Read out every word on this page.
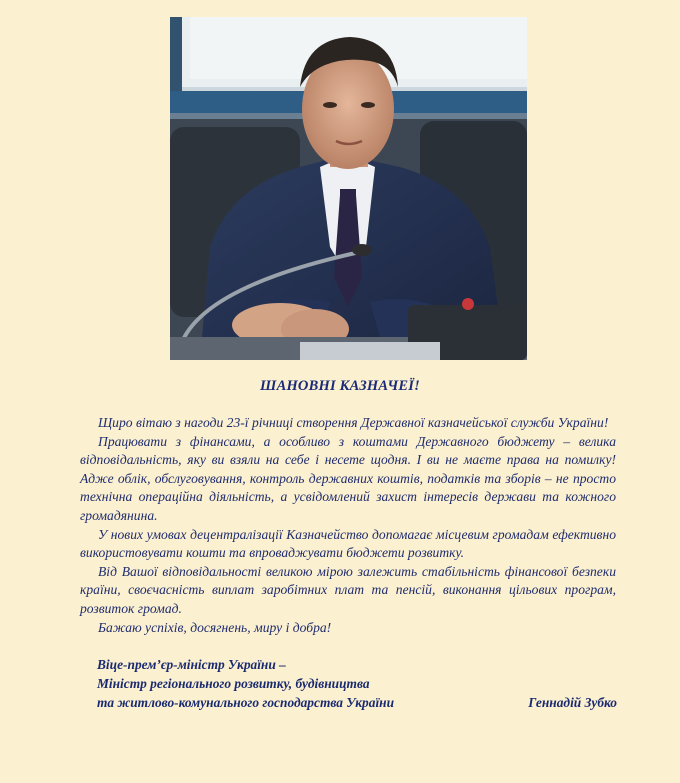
ШАНОВНІ КАЗНАЧЕЇ!

Щиро вітаю з нагоди 23-ї річниці створення Державної казначейської служби України!

Працювати з фінансами, а особливо з коштами Державного бюджету – велика відповідальність, яку ви взяли на себе і несете щодня. І ви не маєте права на помилку! Адже облік, обслуговування, контроль державних коштів, податків та зборів – не просто технічна операційна діяльність, а усвідомлений захист інтересів держави та кожного громадянина.

У нових умовах децентралізації Казначейство допомагає місцевим громадам ефективно використовувати кошти та впроваджувати бюджети розвитку.

Від Вашої відповідальності великою мірою залежить стабільність фінансової безпеки країни, своєчасність виплат заробітних плат та пенсій, виконання цільових програм, розвиток громад.

Бажаю успіхів, досягнень, миру і добра!

Віце-прем’єр-міністр України –
Міністр регіонального розвитку, будівництва
та житлово-комунального господарства України	Геннадій Зубко
